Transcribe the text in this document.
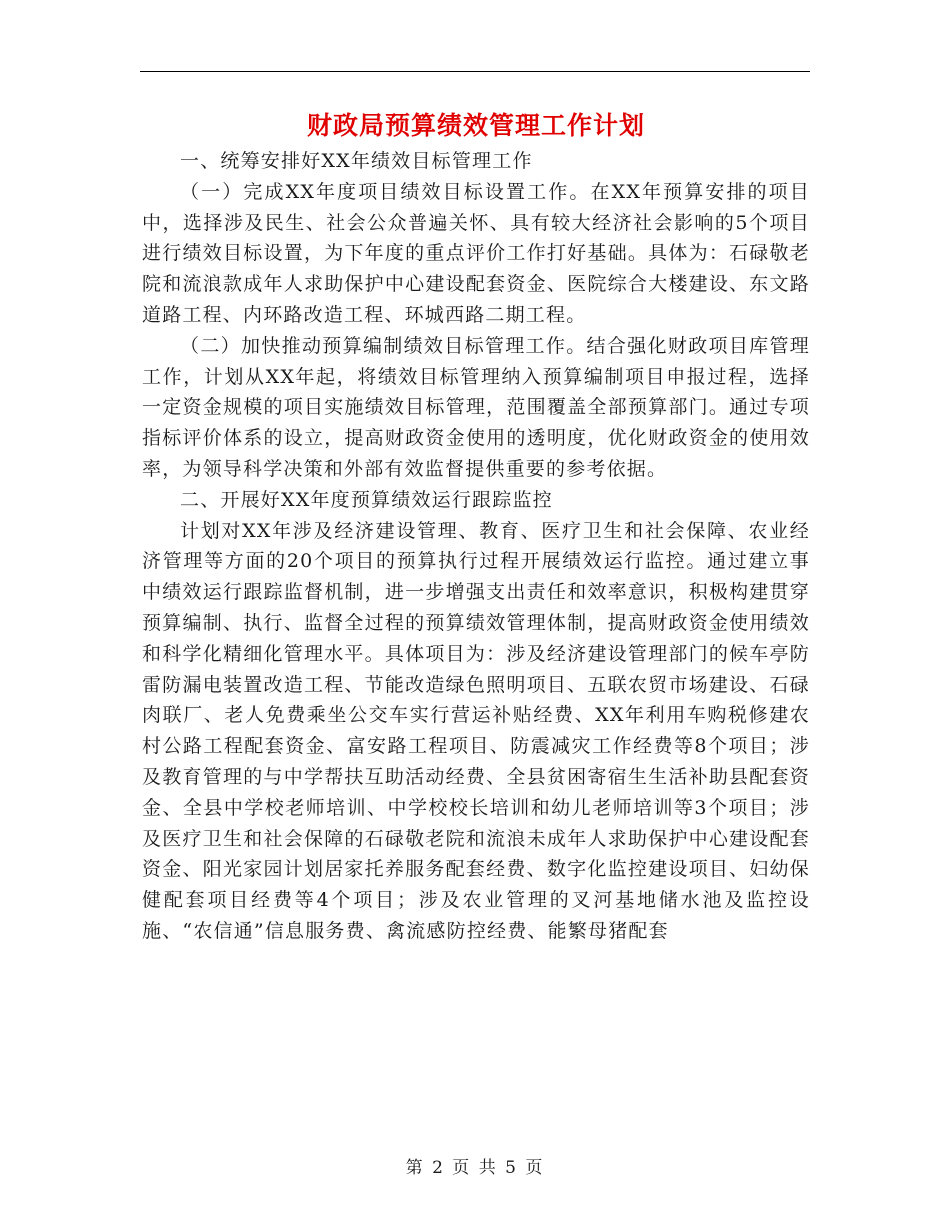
财政局预算绩效管理工作计划

一、统筹安排好XX年绩效目标管理工作

（一）完成XX年度项目绩效目标设置工作。在XX年预算安排的项目中，选择涉及民生、社会公众普遍关怀、具有较大经济社会影响的5个项目进行绩效目标设置，为下年度的重点评价工作打好基础。具体为：石碌敬老院和流浪款成年人求助保护中心建设配套资金、医院综合大楼建设、东文路道路工程、内环路改造工程、环城西路二期工程。

（二）加快推动预算编制绩效目标管理工作。结合强化财政项目库管理工作，计划从XX年起，将绩效目标管理纳入预算编制项目申报过程，选择一定资金规模的项目实施绩效目标管理，范围覆盖全部预算部门。通过专项指标评价体系的设立，提高财政资金使用的透明度，优化财政资金的使用效率，为领导科学决策和外部有效监督提供重要的参考依据。

二、开展好XX年度预算绩效运行跟踪监控

计划对XX年涉及经济建设管理、教育、医疗卫生和社会保障、农业经济管理等方面的20个项目的预算执行过程开展绩效运行监控。通过建立事中绩效运行跟踪监督机制，进一步增强支出责任和效率意识，积极构建贯穿预算编制、执行、监督全过程的预算绩效管理体制，提高财政资金使用绩效和科学化精细化管理水平。具体项目为：涉及经济建设管理部门的候车亭防雷防漏电装置改造工程、节能改造绿色照明项目、五联农贸市场建设、石碌肉联厂、老人免费乘坐公交车实行营运补贴经费、XX年利用车购税修建农村公路工程配套资金、富安路工程项目、防震减灾工作经费等8个项目；涉及教育管理的与中学帮扶互助活动经费、全县贫困寄宿生生活补助县配套资金、全县中学校老师培训、中学校校长培训和幼儿老师培训等3个项目；涉及医疗卫生和社会保障的石碌敬老院和流浪未成年人求助保护中心建设配套资金、阳光家园计划居家托养服务配套经费、数字化监控建设项目、妇幼保健配套项目经费等4个项目；涉及农业管理的叉河基地储水池及监控设施、“农信通”信息服务费、禽流感防控经费、能繁母猪配套

第 2 页 共 5 页
